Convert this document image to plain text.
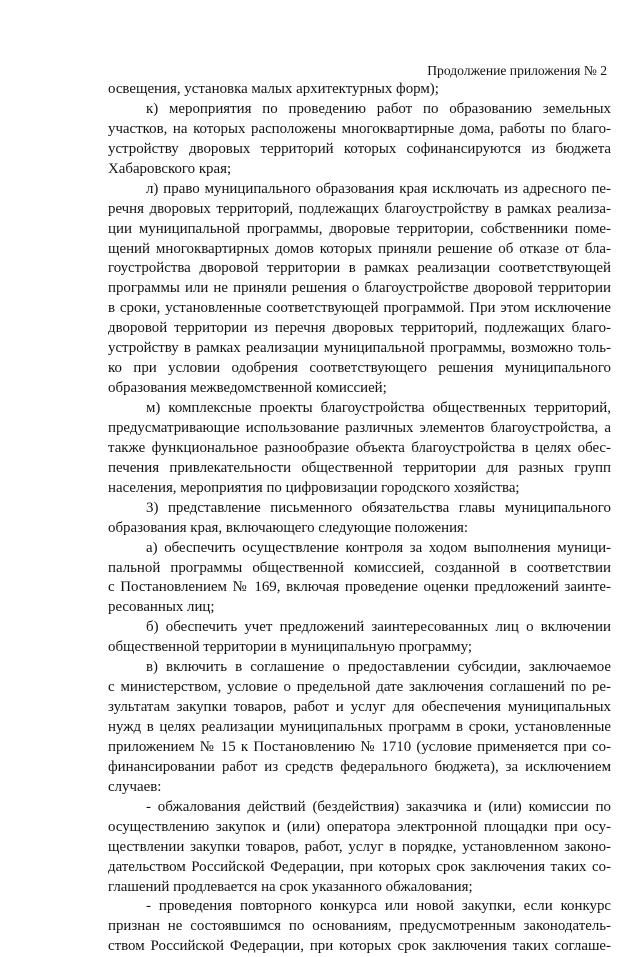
Продолжение приложения № 2
освещения, установка малых архитектурных форм);
к) мероприятия по проведению работ по образованию земельных
участков, на которых расположены многоквартирные дома, работы по благо-
устройству дворовых территорий которых софинансируются из бюджета
Хабаровского края;
л) право муниципального образования края исключать из адресного пе-
речня дворовых территорий, подлежащих благоустройству в рамках реализа-
ции муниципальной программы, дворовые территории, собственники поме-
щений многоквартирных домов которых приняли решение об отказе от бла-
гоустройства дворовой территории в рамках реализации соответствующей
программы или не приняли решения о благоустройстве дворовой территории
в сроки, установленные соответствующей программой. При этом исключение
дворовой территории из перечня дворовых территорий, подлежащих благо-
устройству в рамках реализации муниципальной программы, возможно толь-
ко при условии одобрения соответствующего решения муниципального
образования межведомственной комиссией;
м) комплексные проекты благоустройства общественных территорий,
предусматривающие использование различных элементов благоустройства, а
также функциональное разнообразие объекта благоустройства в целях обес-
печения привлекательности общественной территории для разных групп
населения, мероприятия по цифровизации городского хозяйства;
3) представление письменного обязательства главы муниципального
образования края, включающего следующие положения:
а) обеспечить осуществление контроля за ходом выполнения муници-
пальной программы общественной комиссией, созданной в соответствии
с Постановлением № 169, включая проведение оценки предложений заинте-
ресованных лиц;
б) обеспечить учет предложений заинтересованных лиц о включении
общественной территории в муниципальную программу;
в) включить в соглашение о предоставлении субсидии, заключаемое
с министерством, условие о предельной дате заключения соглашений по ре-
зультатам закупки товаров, работ и услуг для обеспечения муниципальных
нужд в целях реализации муниципальных программ в сроки, установленные
приложением № 15 к Постановлению № 1710 (условие применяется при со-
финансировании работ из средств федерального бюджета), за исключением
случаев:
- обжалования действий (бездействия) заказчика и (или) комиссии по
осуществлению закупок и (или) оператора электронной площадки при осу-
ществлении закупки товаров, работ, услуг в порядке, установленном законо-
дательством Российской Федерации, при которых срок заключения таких со-
глашений продлевается на срок указанного обжалования;
- проведения повторного конкурса или новой закупки, если конкурс
признан не состоявшимся по основаниям, предусмотренным законодатель-
ством Российской Федерации, при которых срок заключения таких соглаше-
